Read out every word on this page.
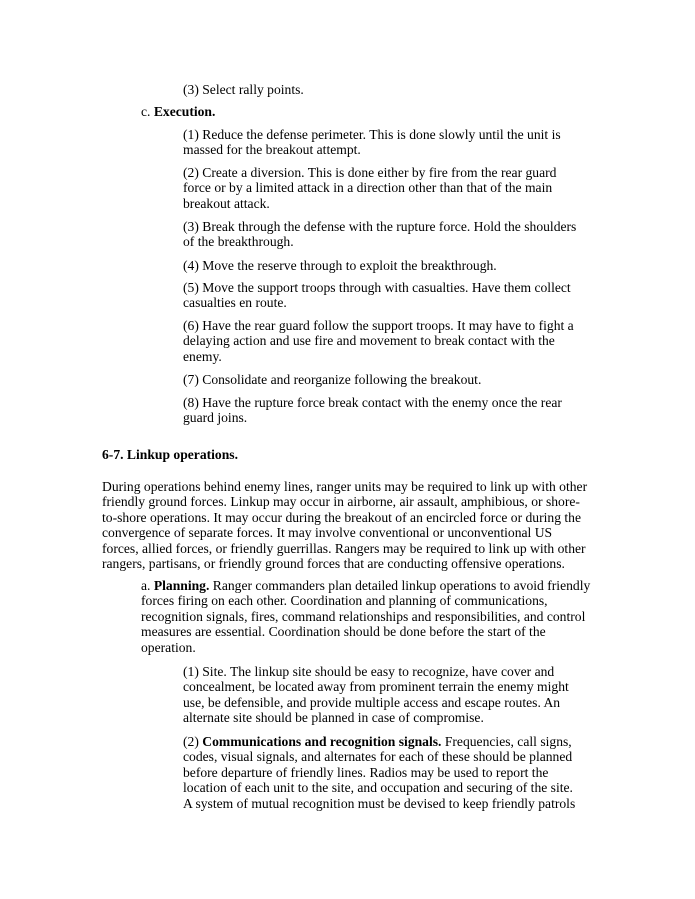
(3) Select rally points.

c. Execution.

(1) Reduce the defense perimeter. This is done slowly until the unit is massed for the breakout attempt.

(2) Create a diversion. This is done either by fire from the rear guard force or by a limited attack in a direction other than that of the main breakout attack.

(3) Break through the defense with the rupture force. Hold the shoulders of the breakthrough.

(4) Move the reserve through to exploit the breakthrough.

(5) Move the support troops through with casualties. Have them collect casualties en route.

(6) Have the rear guard follow the support troops. It may have to fight a delaying action and use fire and movement to break contact with the enemy.

(7) Consolidate and reorganize following the breakout.

(8) Have the rupture force break contact with the enemy once the rear guard joins.

6-7. Linkup operations.

During operations behind enemy lines, ranger units may be required to link up with other friendly ground forces. Linkup may occur in airborne, air assault, amphibious, or shore-to-shore operations. It may occur during the breakout of an encircled force or during the convergence of separate forces. It may involve conventional or unconventional US forces, allied forces, or friendly guerrillas. Rangers may be required to link up with other rangers, partisans, or friendly ground forces that are conducting offensive operations.

a. Planning. Ranger commanders plan detailed linkup operations to avoid friendly forces firing on each other. Coordination and planning of communications, recognition signals, fires, command relationships and responsibilities, and control measures are essential. Coordination should be done before the start of the operation.

(1) Site. The linkup site should be easy to recognize, have cover and concealment, be located away from prominent terrain the enemy might use, be defensible, and provide multiple access and escape routes. An alternate site should be planned in case of compromise.

(2) Communications and recognition signals. Frequencies, call signs, codes, visual signals, and alternates for each of these should be planned before departure of friendly lines. Radios may be used to report the location of each unit to the site, and occupation and securing of the site. A system of mutual recognition must be devised to keep friendly patrols
